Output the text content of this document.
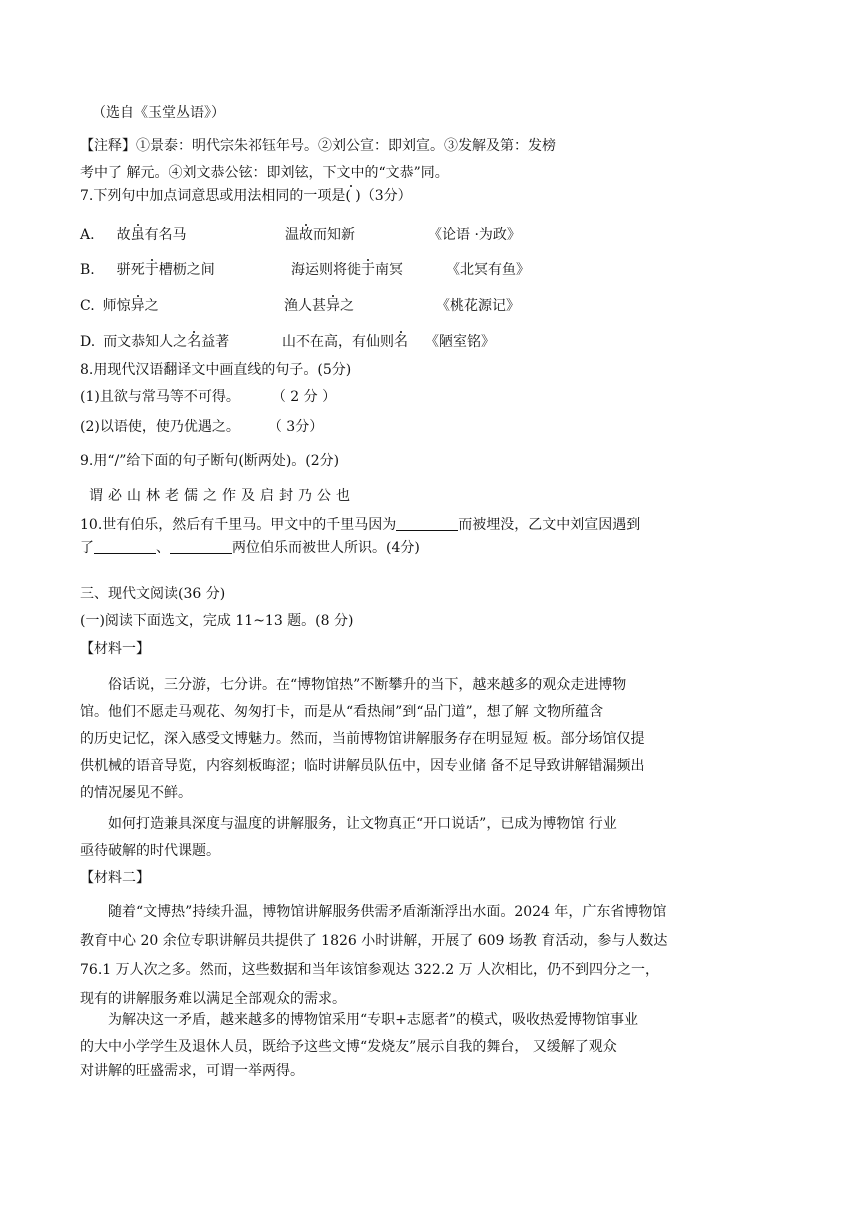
（选自《玉堂丛语》）
【注释】①景泰：明代宗朱祁钰年号。②刘公宣：即刘宣。③发解及第：发榜
考中了 解元。④刘文恭公铉：即刘铉，下文中的“文恭”同。
7.下列句中加点词意思或用法相同的一项是( )（3分）
A. 故虽有名马	温故而知新	《论语 ·为政》
B. 骈死于槽枥之间	海运则将徙于南冥	《北冥有鱼》
C. 师惊异之	渔人甚异之	《桃花源记》
D. 而文恭知人之名益著	山不在高，有仙则名 《陋室铭》
8.用现代汉语翻译文中画直线的句子。(5分)
(1)且欲与常马等不可得。 （ 2 分 ）
(2)以语使，使乃优遇之。 （ 3分）
9.用“/”给下面的句子断句(断两处)。(2分)
谓必山林老儒之作及启封乃公也
10.世有伯乐，然后有千里马。甲文中的千里马因为	而被埋没，乙文中刘宣因遇到
了	、	两位伯乐而被世人所识。(4分)
三、现代文阅读(36 分)
(一)阅读下面选文，完成 11~13 题。(8 分)
【材料一】
俗话说，三分游，七分讲。在“博物馆热”不断攀升的当下，越来越多的观众走进博物
馆。他们不愿走马观花、匆匆打卡，而是从“看热闹”到“品门道”，想了解 文物所蕴含
的历史记忆，深入感受文博魅力。然而，当前博物馆讲解服务存在明显短 板。部分场馆仅提
供机械的语音导览，内容刻板晦涩；临时讲解员队伍中，因专业储 备不足导致讲解错漏频出
的情况屡见不鲜。
如何打造兼具深度与温度的讲解服务，让文物真正“开口说话”，已成为博物馆 行业
亟待破解的时代课题。
【材料二】
随着“文博热”持续升温，博物馆讲解服务供需矛盾渐渐浮出水面。2024 年，广东省博物馆
教育中心 20 余位专职讲解员共提供了 1826 小时讲解，开展了 609 场教 育活动，参与人数达
76.1 万人次之多。然而，这些数据和当年该馆参观达 322.2 万 人次相比，仍不到四分之一，
现有的讲解服务难以满足全部观众的需求。
为解决这一矛盾，越来越多的博物馆采用“专职+志愿者”的模式，吸收热爱博物馆事业
的大中小学学生及退休人员，既给予这些文博“发烧友”展示自我的舞台， 又缓解了观众
对讲解的旺盛需求，可谓一举两得。
